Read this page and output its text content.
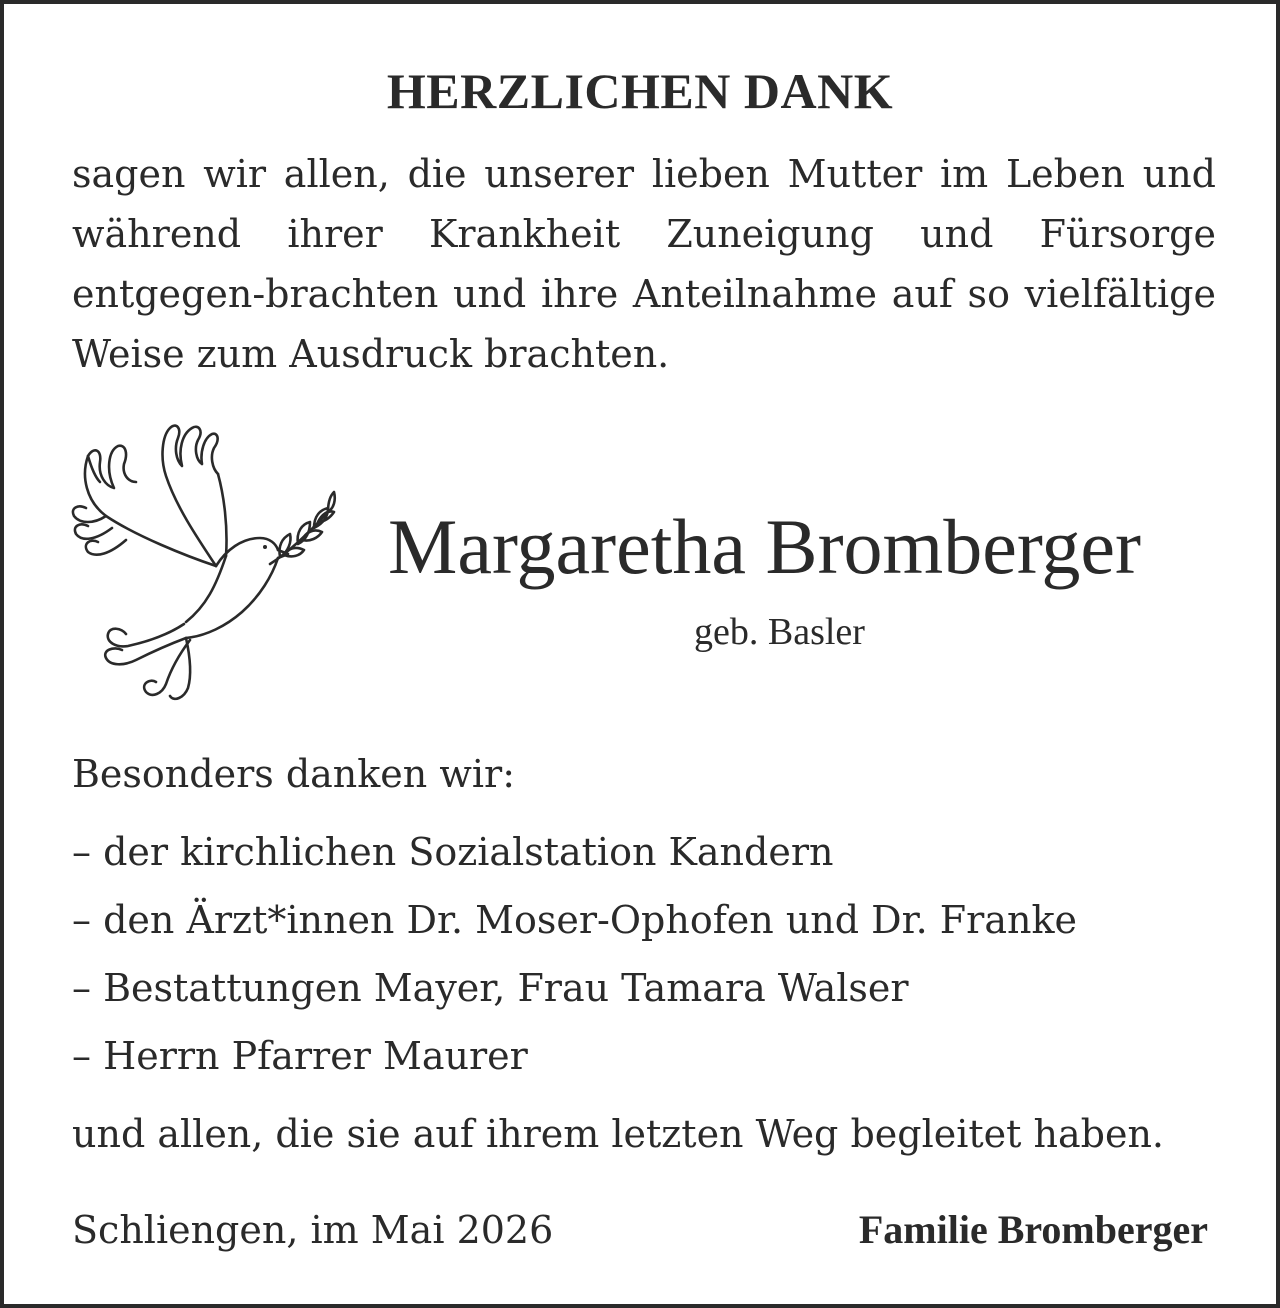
HERZLICHEN DANK

sagen wir allen, die unserer lieben Mutter im Leben und während ihrer Krankheit Zuneigung und Fürsorge entgegen-​brachten und ihre Anteilnahme auf so vielfältige Weise zum Ausdruck brachten.

Margaretha Bromberger
geb. Basler
Besonders danken wir:
– der kirchlichen Sozialstation Kandern
– den Ärzt*innen Dr. Moser-Ophofen und Dr. Franke
– Bestattungen Mayer, Frau Tamara Walser
– Herrn Pfarrer Maurer
und allen, die sie auf ihrem letzten Weg begleitet haben.
Schliengen, im Mai 2026	Familie Bromberger
